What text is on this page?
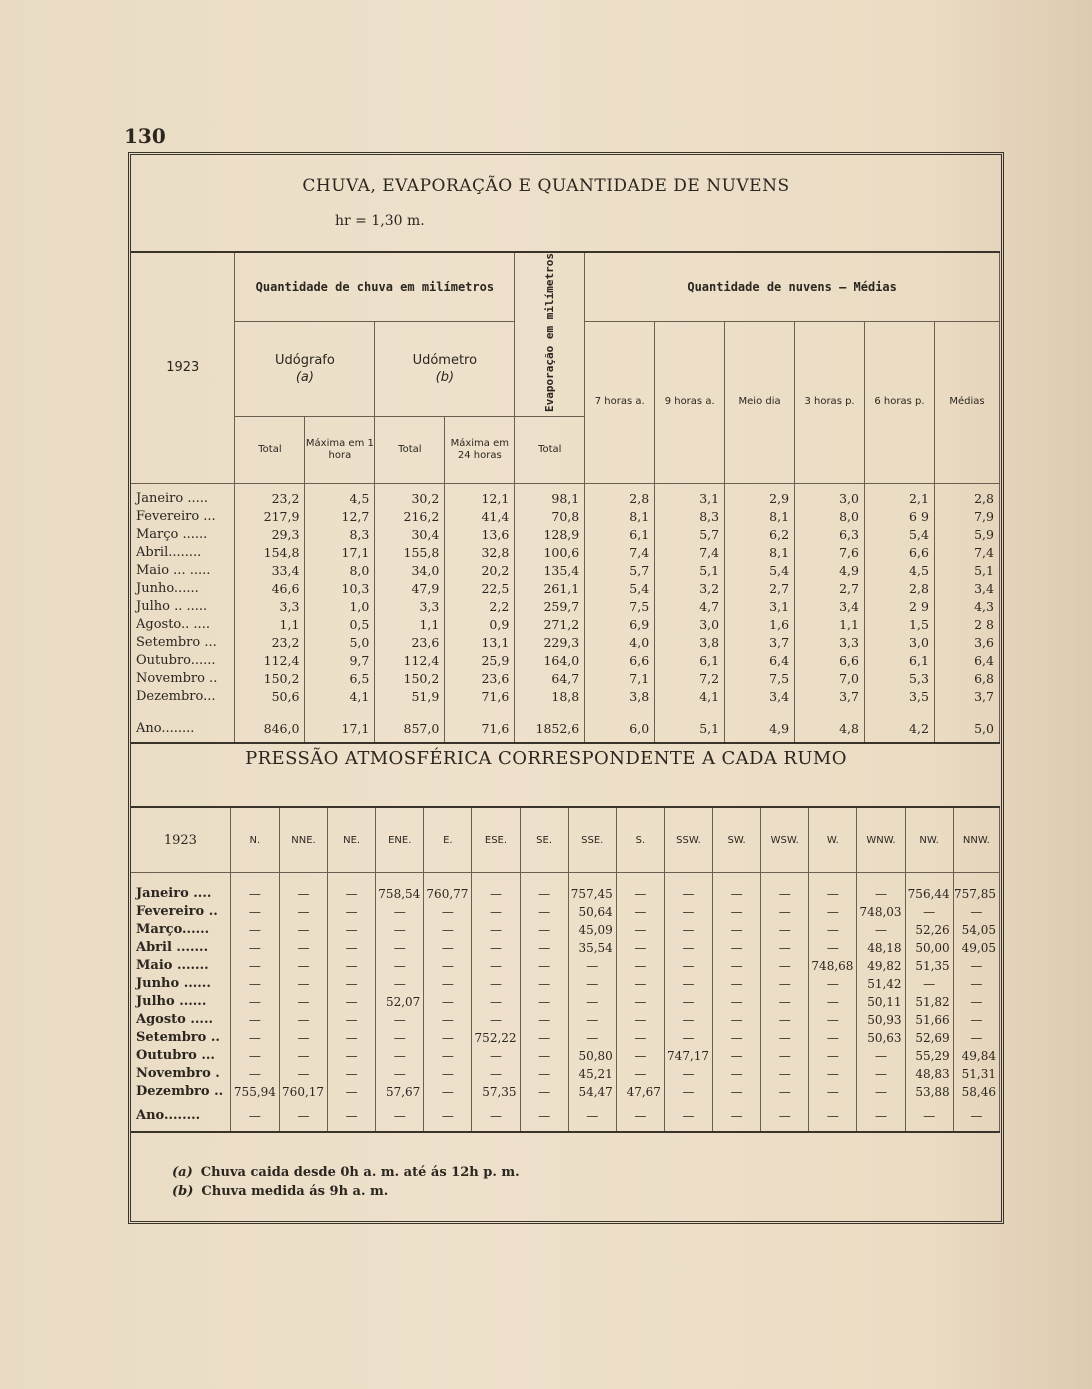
130
CHUVA, EVAPORAÇÃO E QUANTIDADE DE NUVENS
hr = 1,30 m.
1923	Quantidade de chuva em milímetros				Evaporação em milímetros	Quantidade de nuvens — Médias					
	Udógrafo
(a)		Udómetro
(b)			7 horas a.	9 horas a.	Meio dia	3 horas p.	6 horas p.	Médias
	Total	Máxima em 1 hora	Total	Máxima em 24 horas	Total						
Janeiro .....	23,2	4,5	30,2	12,1	98,1	2,8	3,1	2,9	3,0	2,1	2,8
Fevereiro ...	217,9	12,7	216,2	41,4	70,8	8,1	8,3	8,1	8,0	6 9	7,9
Março ......	29,3	8,3	30,4	13,6	128,9	6,1	5,7	6,2	6,3	5,4	5,9
Abril........	154,8	17,1	155,8	32,8	100,6	7,4	7,4	8,1	7,6	6,6	7,4
Maio ... .....	33,4	8,0	34,0	20,2	135,4	5,7	5,1	5,4	4,9	4,5	5,1
Junho......	46,6	10,3	47,9	22,5	261,1	5,4	3,2	2,7	2,7	2,8	3,4
Julho .. .....	3,3	1,0	3,3	2,2	259,7	7,5	4,7	3,1	3,4	2 9	4,3
Agosto.. ....	1,1	0,5	1,1	0,9	271,2	6,9	3,0	1,6	1,1	1,5	2 8
Setembro ...	23,2	5,0	23,6	13,1	229,3	4,0	3,8	3,7	3,3	3,0	3,6
Outubro......	112,4	9,7	112,4	25,9	164,0	6,6	6,1	6,4	6,6	6,1	6,4
Novembro ..	150,2	6,5	150,2	23,6	64,7	7,1	7,2	7,5	7,0	5,3	6,8
Dezembro...	50,6	4,1	51,9	71,6	18,8	3,8	4,1	3,4	3,7	3,5	3,7

Ano........	846,0	17,1	857,0	71,6	1852,6	6,0	5,1	4,9	4,8	4,2	5,0
PRESSÃO ATMOSFÉRICA CORRESPONDENTE A CADA RUMO
1923	N.	NNE.	NE.	ENE.	E.	ESE.	SE.	SSE.	S.	SSW.	SW.	WSW.	W.	WNW.	NW.	NNW.
Janeiro ....	—	—	—	758,54	760,77	—	—	757,45	—	—	—	—	—	—	756,44	757,85
Fevereiro ..	—	—	—	—	—	—	—	50,64	—	—	—	—	—	748,03	—	—
Março......	—	—	—	—	—	—	—	45,09	—	—	—	—	—	—	52,26	54,05
Abril .......	—	—	—	—	—	—	—	35,54	—	—	—	—	—	48,18	50,00	49,05
Maio .......	—	—	—	—	—	—	—	—	—	—	—	—	748,68	49,82	51,35	—
Junho ......	—	—	—	—	—	—	—	—	—	—	—	—	—	51,42	—	—
Julho ......	—	—	—	52,07	—	—	—	—	—	—	—	—	—	50,11	51,82	—
Agosto .....	—	—	—	—	—	—	—	—	—	—	—	—	—	50,93	51,66	—
Setembro ..	—	—	—	—	—	752,22	—	—	—	—	—	—	—	50,63	52,69	—
Outubro ...	—	—	—	—	—	—	—	50,80	—	747,17	—	—	—	—	55,29	49,84
Novembro .	—	—	—	—	—	—	—	45,21	—	—	—	—	—	—	48,83	51,31
Dezembro ..	755,94	760,17	—	57,67	—	57,35	—	54,47	47,67	—	—	—	—	—	53,88	58,46

Ano........	—	—	—	—	—	—	—	—	—	—	—	—	—	—	—	—
(a) Chuva caida desde 0h a. m. até ás 12h p. m.
(b) Chuva medida ás 9h a. m.
